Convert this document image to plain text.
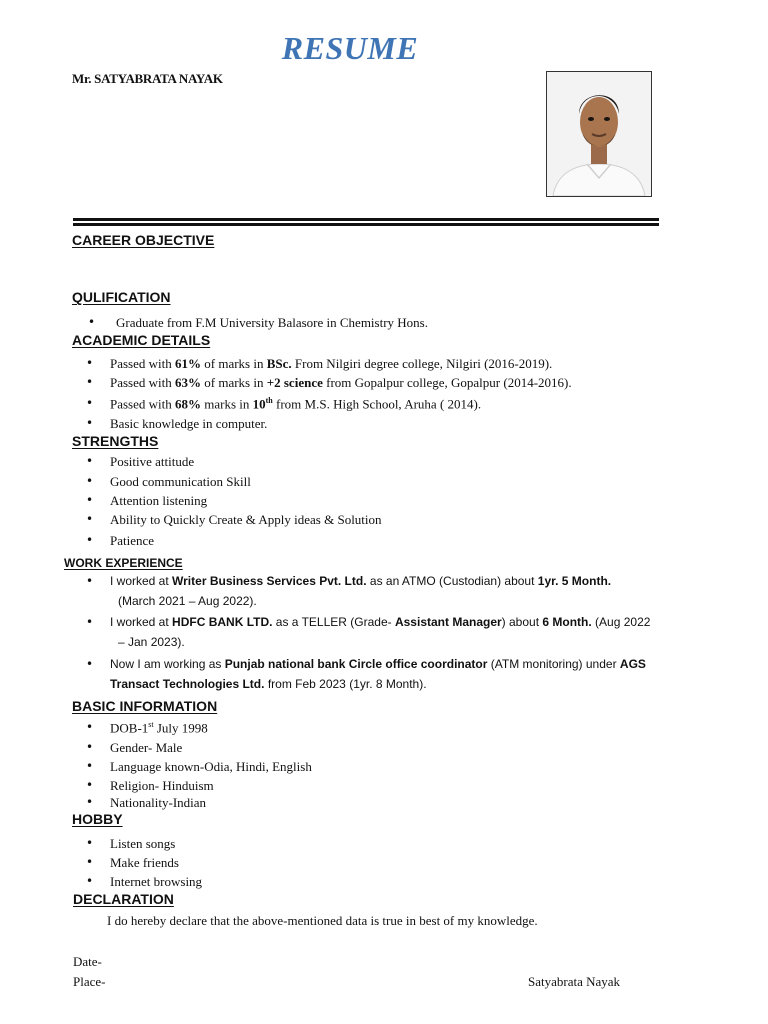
RESUME
Mr. SATYABRATA NAYAK
CAREER OBJECTIVE
QULIFICATION
• Graduate from F.M University Balasore in Chemistry Hons.
ACADEMIC DETAILS
• Passed with 61% of marks in BSc. From Nilgiri degree college, Nilgiri (2016-2019).
• Passed with 63% of marks in +2 science from Gopalpur college, Gopalpur (2014-2016).
• Passed with 68% marks in 10th from M.S. High School, Aruha ( 2014).
• Basic knowledge in computer.
STRENGTHS
• Positive attitude
• Good communication Skill
• Attention listening
• Ability to Quickly Create & Apply ideas & Solution
• Patience
WORK EXPERIENCE
• I worked at Writer Business Services Pvt. Ltd. as an ATMO (Custodian) about 1yr. 5 Month.
(March 2021 – Aug 2022).
• I worked at HDFC BANK LTD. as a TELLER (Grade- Assistant Manager) about 6 Month. (Aug 2022
– Jan 2023).
• Now I am working as Punjab national bank Circle office coordinator (ATM monitoring) under AGS
Transact Technologies Ltd. from Feb 2023 (1yr. 8 Month).
BASIC INFORMATION
• DOB-1st July 1998
• Gender- Male
• Language known-Odia, Hindi, English
• Religion- Hinduism
• Nationality-Indian
HOBBY
• Listen songs
• Make friends
• Internet browsing
DECLARATION
I do hereby declare that the above-mentioned data is true in best of my knowledge.
Date-
Place-	Satyabrata Nayak
